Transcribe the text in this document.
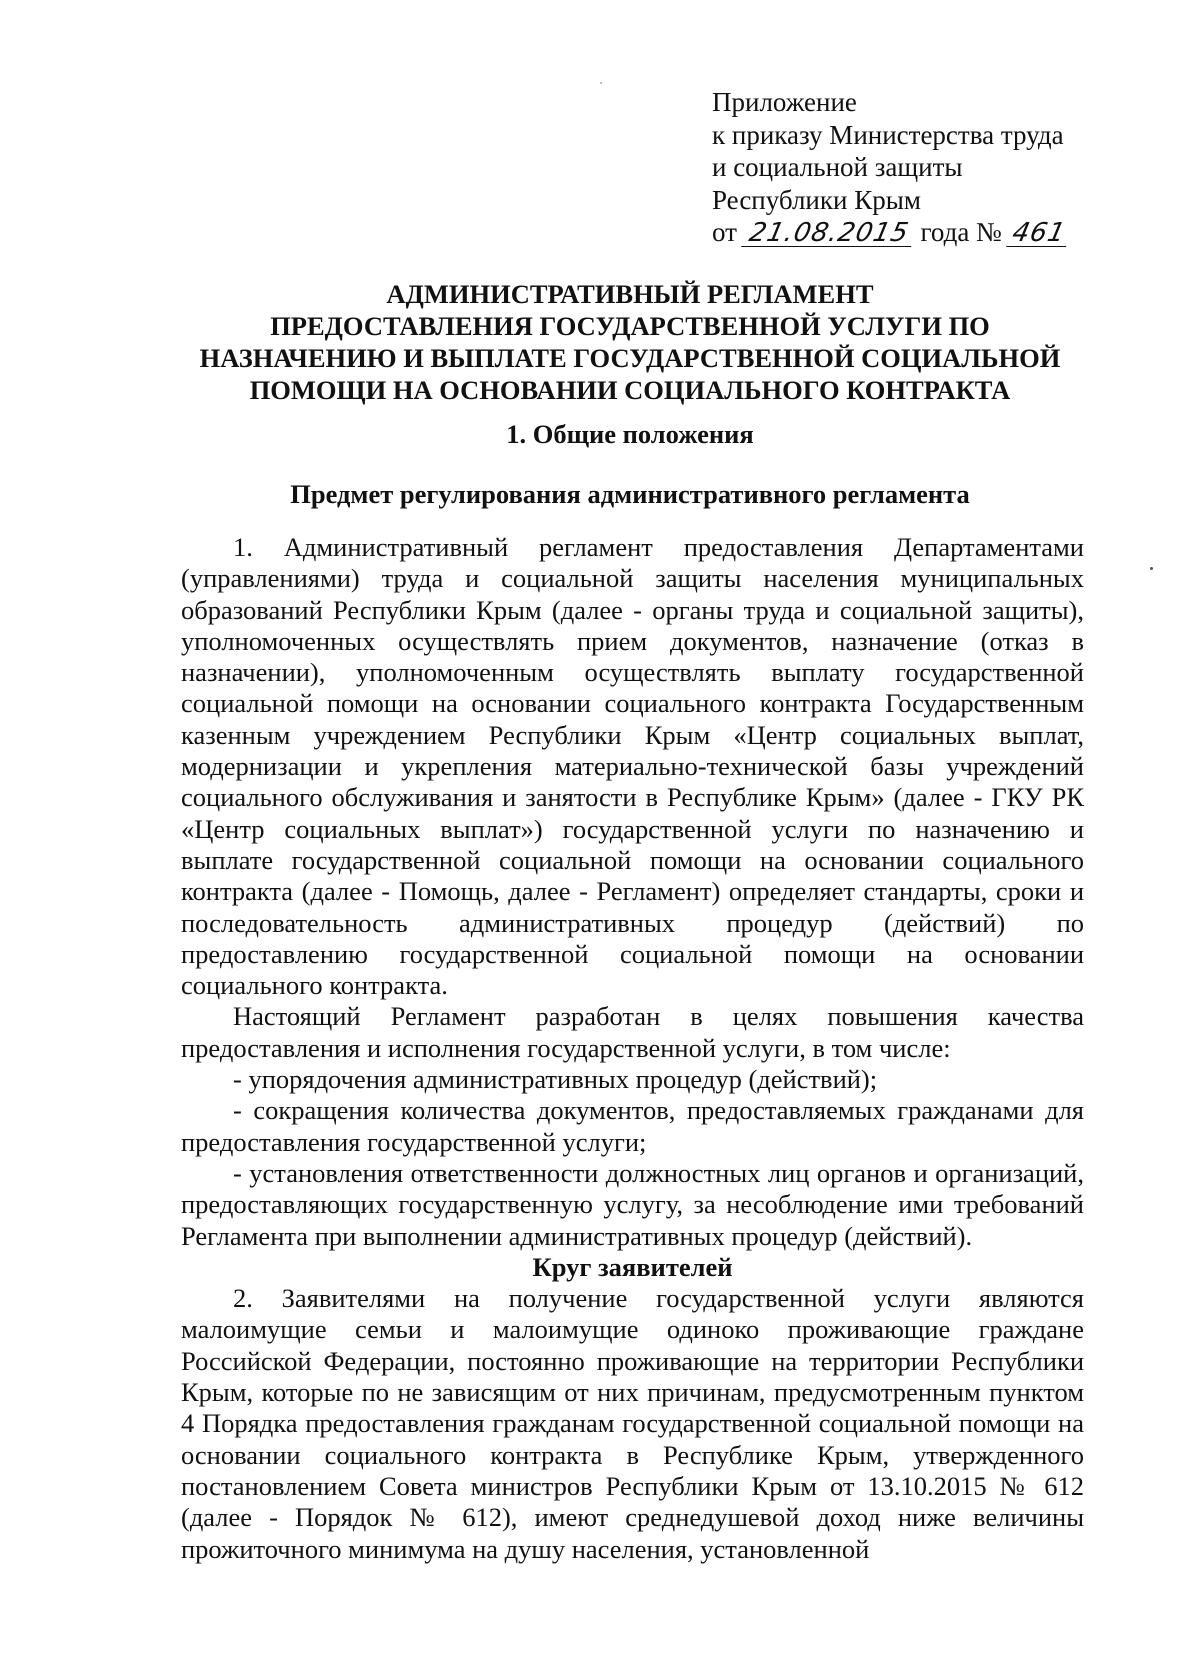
Приложение
к приказу Министерства труда
и социальной защиты
Республики Крым
от 21.08.2015 года № 461
АДМИНИСТРАТИВНЫЙ РЕГЛАМЕНТ
ПРЕДОСТАВЛЕНИЯ ГОСУДАРСТВЕННОЙ УСЛУГИ ПО
НАЗНАЧЕНИЮ И ВЫПЛАТЕ ГОСУДАРСТВЕННОЙ СОЦИАЛЬНОЙ
ПОМОЩИ НА ОСНОВАНИИ СОЦИАЛЬНОГО КОНТРАКТА
1. Общие положения
Предмет регулирования административного регламента

1. Административный регламент предоставления Департаментами (управлениями) труда и социальной защиты населения муниципальных образований Республики Крым (далее - органы труда и социальной защиты), уполномоченных осуществлять прием документов, назначение (отказ в назначении), уполномоченным осуществлять выплату государственной социальной помощи на основании социального контракта Государственным казенным учреждением Республики Крым «Центр социальных выплат, модернизации и укрепления материально-технической базы учреждений социального обслуживания и занятости в Республике Крым» (далее - ГКУ РК «Центр социальных выплат») государственной услуги по назначению и выплате государственной социальной помощи на основании социального контракта (далее - Помощь, далее - Регламент) определяет стандарты, сроки и последовательность административных процедур (действий) по предоставлению государственной социальной помощи на основании социального контракта.

Настоящий Регламент разработан в целях повышения качества предоставления и исполнения государственной услуги, в том числе:

- упорядочения административных процедур (действий);

- сокращения количества документов, предоставляемых гражданами для предоставления государственной услуги;

- установления ответственности должностных лиц органов и организаций, предоставляющих государственную услугу, за несоблюдение ими требований Регламента при выполнении административных процедур (действий).

Круг заявителей

2. Заявителями на получение государственной услуги являются малоимущие семьи и малоимущие одиноко проживающие граждане Российской Федерации, постоянно проживающие на территории Республики Крым, которые по не зависящим от них причинам, предусмотренным пунктом 4 Порядка предоставления гражданам государственной социальной помощи на основании социального контракта в Республике Крым, утвержденного постановлением Совета министров Республики Крым от 13.10.2015 № 612 (далее - Порядок № 612), имеют среднедушевой доход ниже величины прожиточного минимума на душу населения, установленной
